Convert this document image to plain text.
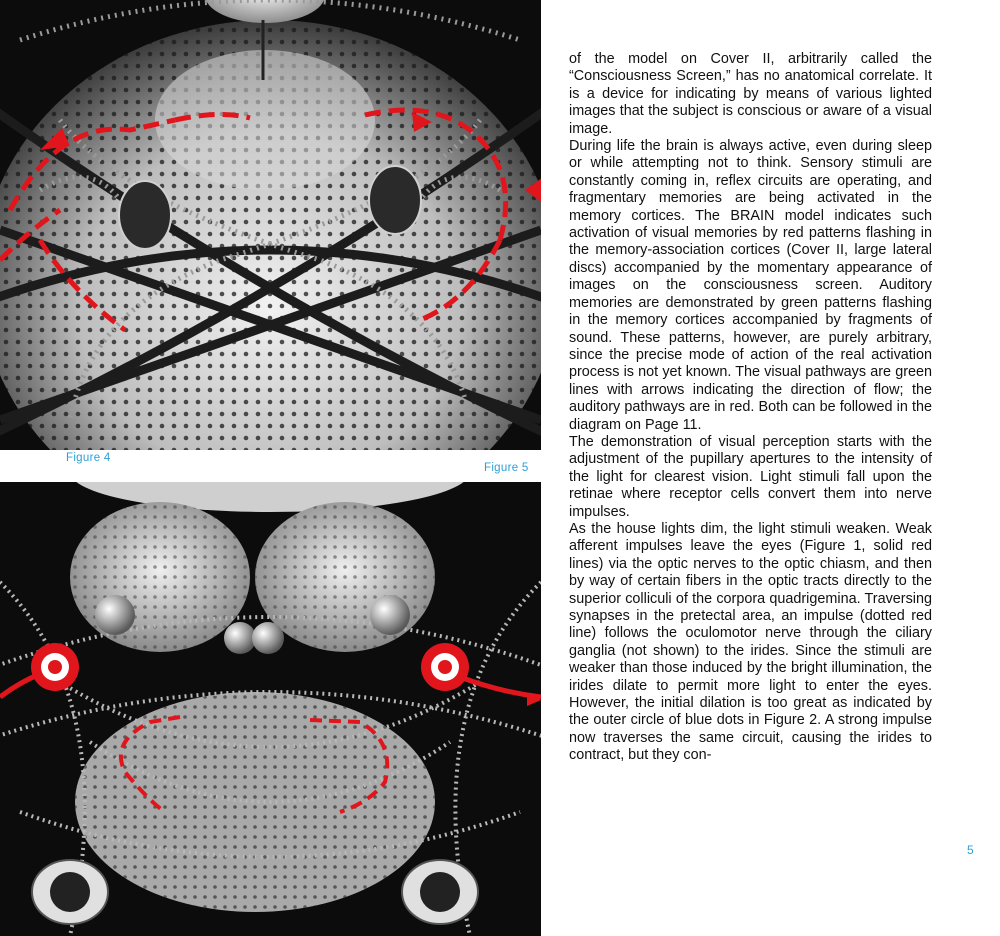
Figure 4
Figure 5

of the model on Cover II, arbitrarily called the “Consciousness Screen,” has no anatomical correlate. It is a device for indicating by means of various lighted images that the subject is conscious or aware of a visual image.

During life the brain is always active, even during sleep or while attempting not to think. Sensory stimuli are constantly coming in, reflex circuits are operating, and fragmentary memories are being activated in the memory cortices. The BRAIN model indicates such activation of visual memories by red patterns flashing in the memory-association cortices (Cover II, large lateral discs) accompanied by the momentary appearance of images on the consciousness screen. Auditory memories are demonstrated by green patterns flashing in the memory cortices accompanied by fragments of sound. These patterns, however, are purely arbitrary, since the precise mode of action of the real activation process is not yet known. The visual pathways are green lines with arrows indicating the direction of flow; the auditory pathways are in red. Both can be followed in the diagram on Page 11.

The demonstration of visual perception starts with the adjustment of the pupillary apertures to the intensity of the light for clearest vision. Light stimuli fall upon the retinae where receptor cells convert them into nerve impulses.

As the house lights dim, the light stimuli weaken. Weak afferent impulses leave the eyes (Figure 1, solid red lines) via the optic nerves to the optic chiasm, and then by way of certain fibers in the optic tracts directly to the superior colliculi of the corpora quadrigemina. Traversing synapses in the pretectal area, an impulse (dotted red line) follows the oculomotor nerve through the ciliary ganglia (not shown) to the irides. Since the stimuli are weaker than those induced by the bright illumination, the irides dilate to permit more light to enter the eyes. However, the initial dilation is too great as indicated by the outer circle of blue dots in Figure 2. A strong impulse now traverses the same circuit, causing the irides to contract, but they con-

5
